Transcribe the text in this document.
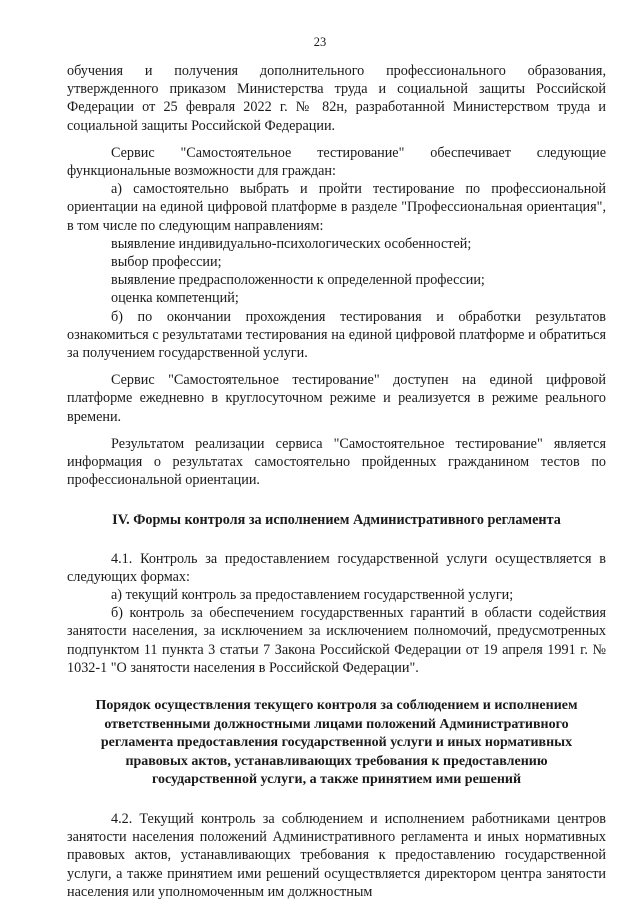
23

обучения и получения дополнительного профессионального образования, утвержденного приказом Министерства труда и социальной защиты Российской Федерации от 25 февраля 2022 г. № 82н, разработанной Министерством труда и социальной защиты Российской Федерации.

Сервис "Самостоятельное тестирование" обеспечивает следующие функциональные возможности для граждан:

а) самостоятельно выбрать и пройти тестирование по профессиональной ориентации на единой цифровой платформе в разделе "Профессиональная ориентация", в том числе по следующим направлениям:

выявление индивидуально-психологических особенностей;

выбор профессии;

выявление предрасположенности к определенной профессии;

оценка компетенций;

б) по окончании прохождения тестирования и обработки результатов ознакомиться с результатами тестирования на единой цифровой платформе и обратиться за получением государственной услуги.

Сервис "Самостоятельное тестирование" доступен на единой цифровой платформе ежедневно в круглосуточном режиме и реализуется в режиме реального времени.

Результатом реализации сервиса "Самостоятельное тестирование" является информация о результатах самостоятельно пройденных гражданином тестов по профессиональной ориентации.

IV. Формы контроля за исполнением Административного регламента

4.1. Контроль за предоставлением государственной услуги осуществляется в следующих формах:

а) текущий контроль за предоставлением государственной услуги;

б) контроль за обеспечением государственных гарантий в области содействия занятости населения, за исключением за исключением полномочий, предусмотренных подпунктом 11 пункта 3 статьи 7 Закона Российской Федерации от 19 апреля 1991 г. № 1032-1 "О занятости населения в Российской Федерации".

Порядок осуществления текущего контроля за соблюдением и исполнением ответственными должностными лицами положений Административного регламента предоставления государственной услуги и иных нормативных правовых актов, устанавливающих требования к предоставлению государственной услуги, а также принятием ими решений

4.2. Текущий контроль за соблюдением и исполнением работниками центров занятости населения положений Административного регламента и иных нормативных правовых актов, устанавливающих требования к предоставлению государственной услуги, а также принятием ими решений осуществляется директором центра занятости населения или уполномоченным им должностным
